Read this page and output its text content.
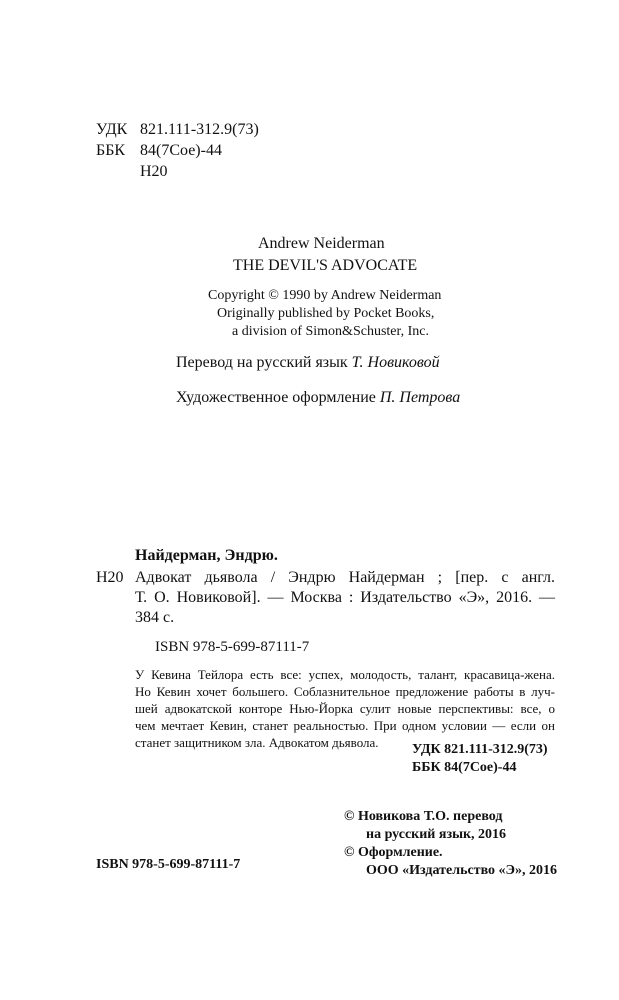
УДК 821.111-312.9(73)
ББК 84(7Сое)-44
Н20
Andrew Neiderman
THE DEVIL'S ADVOCATE
Copyright © 1990 by Andrew Neiderman
Originally published by Pocket Books,
a division of Simon&Schuster, Inc.
Перевод на русский язык Т. Новиковой
Художественное оформление П. Петрова
Найдерман, Эндрю.
Н20 Адвокат дьявола / Эндрю Найдерман ; [пер. с англ.
Т. О. Новиковой]. — Москва : Издательство «Э», 2016. —
384 с.
ISBN 978-5-699-87111-7
У Кевина Тейлора есть все: успех, молодость, талант, красавица-жена.
Но Кевин хочет большего. Соблазнительное предложение работы в луч-
шей адвокатской конторе Нью-Йорка сулит новые перспективы: все, о
чем мечтает Кевин, станет реальностью. При одном условии — если он
станет защитником зла. Адвокатом дьявола. УДК 821.111-312.9(73)
ББК 84(7Сое)-44
© Новикова Т.О. перевод
на русский язык, 2016
© Оформление.
ISBN 978-5-699-87111-7	ООО «Издательство «Э», 2016
